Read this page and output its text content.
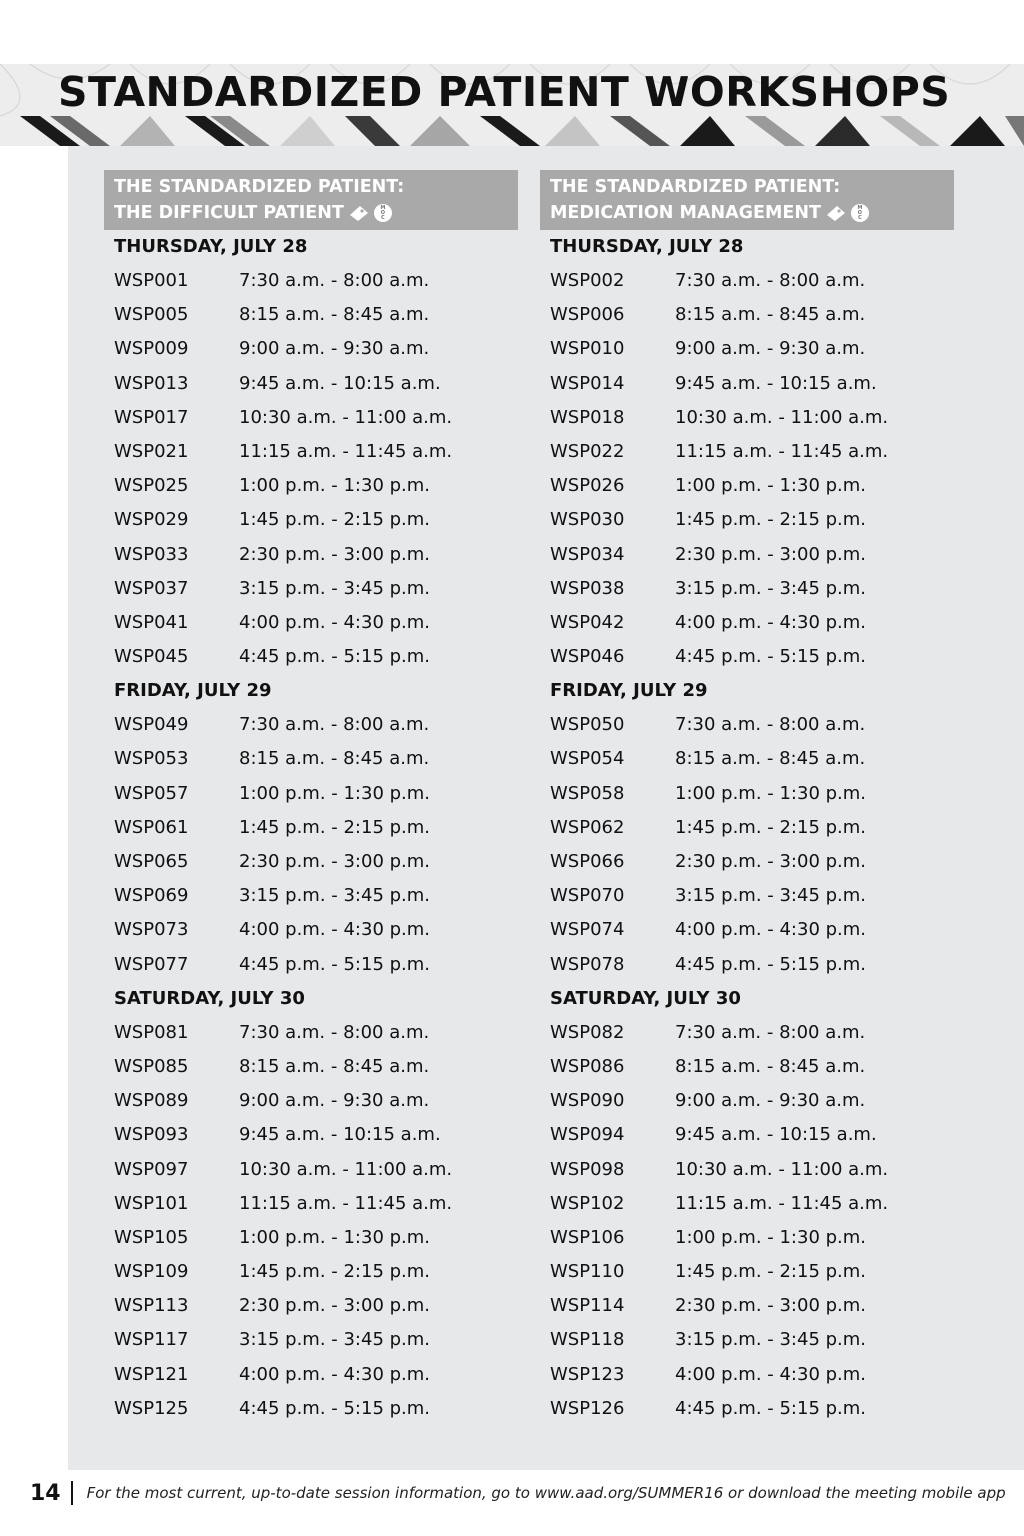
STANDARDIZED PATIENT WORKSHOPS
THE STANDARDIZED PATIENT:
THE DIFFICULT PATIENT	M
O
C
THURSDAY, JULY 28
WSP001	7:30 a.m. - 8:00 a.m.
WSP005	8:15 a.m. - 8:45 a.m.
WSP009	9:00 a.m. - 9:30 a.m.
WSP013	9:45 a.m. - 10:15 a.m.
WSP017	10:30 a.m. - 11:00 a.m.
WSP021	11:15 a.m. - 11:45 a.m.
WSP025	1:00 p.m. - 1:30 p.m.
WSP029	1:45 p.m. - 2:15 p.m.
WSP033	2:30 p.m. - 3:00 p.m.
WSP037	3:15 p.m. - 3:45 p.m.
WSP041	4:00 p.m. - 4:30 p.m.
WSP045	4:45 p.m. - 5:15 p.m.
FRIDAY, JULY 29
WSP049	7:30 a.m. - 8:00 a.m.
WSP053	8:15 a.m. - 8:45 a.m.
WSP057	1:00 p.m. - 1:30 p.m.
WSP061	1:45 p.m. - 2:15 p.m.
WSP065	2:30 p.m. - 3:00 p.m.
WSP069	3:15 p.m. - 3:45 p.m.
WSP073	4:00 p.m. - 4:30 p.m.
WSP077	4:45 p.m. - 5:15 p.m.
SATURDAY, JULY 30
WSP081	7:30 a.m. - 8:00 a.m.
WSP085	8:15 a.m. - 8:45 a.m.
WSP089	9:00 a.m. - 9:30 a.m.
WSP093	9:45 a.m. - 10:15 a.m.
WSP097	10:30 a.m. - 11:00 a.m.
WSP101	11:15 a.m. - 11:45 a.m.
WSP105	1:00 p.m. - 1:30 p.m.
WSP109	1:45 p.m. - 2:15 p.m.
WSP113	2:30 p.m. - 3:00 p.m.
WSP117	3:15 p.m. - 3:45 p.m.
WSP121	4:00 p.m. - 4:30 p.m.
WSP125	4:45 p.m. - 5:15 p.m.
THE STANDARDIZED PATIENT:
MEDICATION MANAGEMENT	M
O
C
THURSDAY, JULY 28
WSP002	7:30 a.m. - 8:00 a.m.
WSP006	8:15 a.m. - 8:45 a.m.
WSP010	9:00 a.m. - 9:30 a.m.
WSP014	9:45 a.m. - 10:15 a.m.
WSP018	10:30 a.m. - 11:00 a.m.
WSP022	11:15 a.m. - 11:45 a.m.
WSP026	1:00 p.m. - 1:30 p.m.
WSP030	1:45 p.m. - 2:15 p.m.
WSP034	2:30 p.m. - 3:00 p.m.
WSP038	3:15 p.m. - 3:45 p.m.
WSP042	4:00 p.m. - 4:30 p.m.
WSP046	4:45 p.m. - 5:15 p.m.
FRIDAY, JULY 29
WSP050	7:30 a.m. - 8:00 a.m.
WSP054	8:15 a.m. - 8:45 a.m.
WSP058	1:00 p.m. - 1:30 p.m.
WSP062	1:45 p.m. - 2:15 p.m.
WSP066	2:30 p.m. - 3:00 p.m.
WSP070	3:15 p.m. - 3:45 p.m.
WSP074	4:00 p.m. - 4:30 p.m.
WSP078	4:45 p.m. - 5:15 p.m.
SATURDAY, JULY 30
WSP082	7:30 a.m. - 8:00 a.m.
WSP086	8:15 a.m. - 8:45 a.m.
WSP090	9:00 a.m. - 9:30 a.m.
WSP094	9:45 a.m. - 10:15 a.m.
WSP098	10:30 a.m. - 11:00 a.m.
WSP102	11:15 a.m. - 11:45 a.m.
WSP106	1:00 p.m. - 1:30 p.m.
WSP110	1:45 p.m. - 2:15 p.m.
WSP114	2:30 p.m. - 3:00 p.m.
WSP118	3:15 p.m. - 3:45 p.m.
WSP123	4:00 p.m. - 4:30 p.m.
WSP126	4:45 p.m. - 5:15 p.m.
14 For the most current, up-to-date session information, go to www.aad.org/SUMMER16 or download the meeting mobile app
